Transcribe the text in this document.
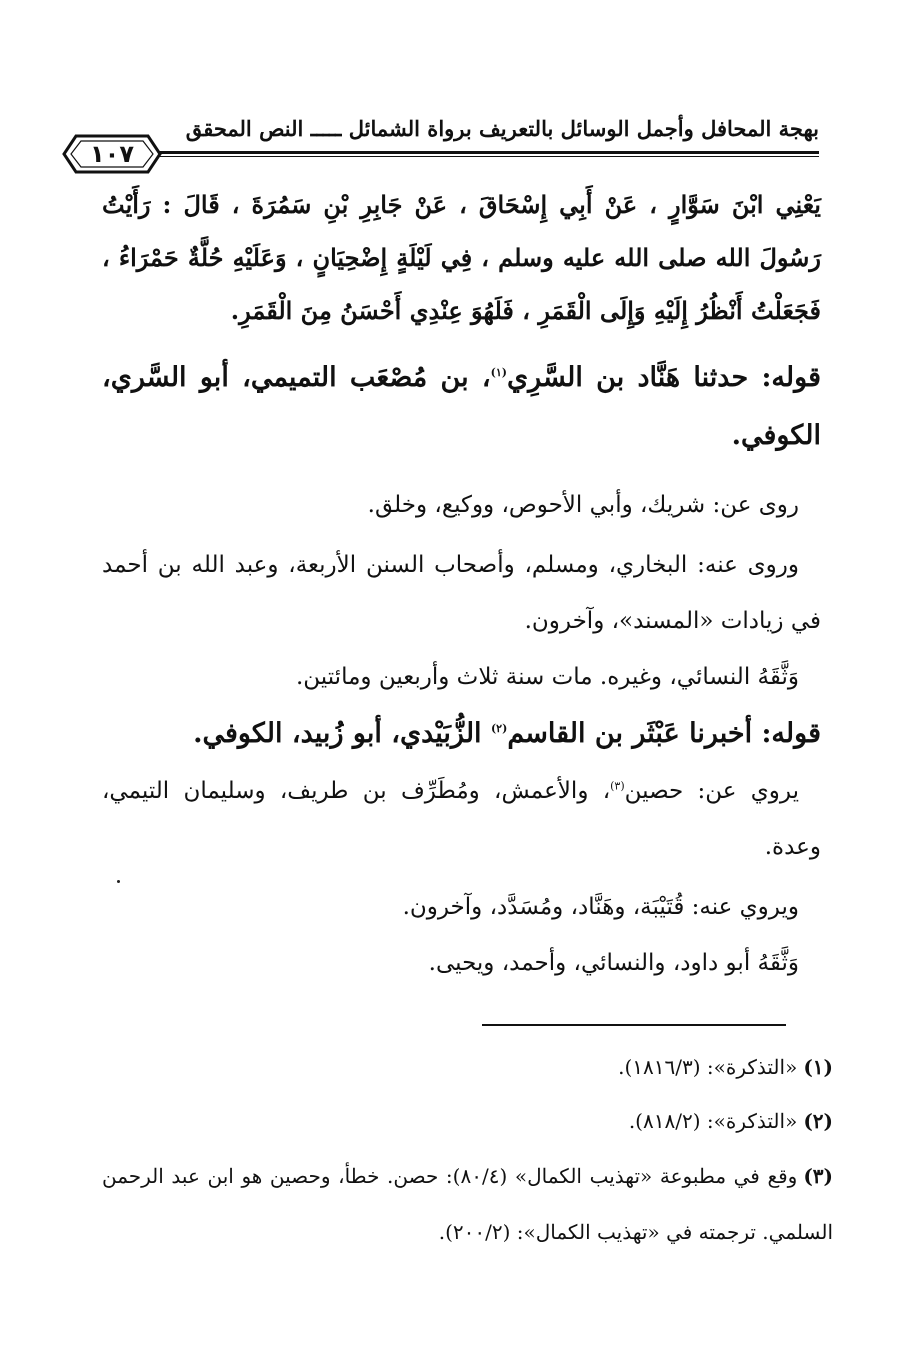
بهجة المحافل وأجمل الوسائل بالتعريف برواة الشمائل ـــــ النص المحقق
١٠٧

يَعْنِي ابْنَ سَوَّارٍ ، عَنْ أَبِي إِسْحَاقَ ، عَنْ جَابِرِ بْنِ سَمُرَةَ ، قَالَ : رَأَيْتُ رَسُولَ الله صلى الله عليه وسلم ، فِي لَيْلَةٍ إِضْحِيَانٍ ، وَعَلَيْهِ حُلَّةٌ حَمْرَاءُ ، فَجَعَلْتُ أَنْظُرُ إِلَيْهِ وَإِلَى الْقَمَرِ ، فَلَهُوَ عِنْدِي أَحْسَنُ مِنَ الْقَمَرِ.

قوله: حدثنا هَنَّاد بن السَّرِي$^{(١)}$، بن مُصْعَب التميمي، أبو السَّري، الكوفي.

روى عن: شريك، وأبي الأحوص، ووكيع، وخلق.

وروى عنه: البخاري، ومسلم، وأصحاب السنن الأربعة، وعبد الله بن أحمد في زيادات «المسند»، وآخرون.

وَثَّقَهُ النسائي، وغيره. مات سنة ثلاث وأربعين ومائتين.

قوله: أخبرنا عَبْثَر بن القاسم$^{(٢)}$ الزُّبَيْدي، أبو زُبيد، الكوفي.

يروي عن: حصين$^{(٣)}$، والأعمش، ومُطَرِّف بن طريف، وسليمان التيمي، وعدة.

ويروي عنه: قُتَيْبَة، وهَنَّاد، ومُسَدَّد، وآخرون.

وَثَّقَهُ أبو داود، والنسائي، وأحمد، ويحيى.

(١)«التذكرة»: (١٨١٦/٣).

(٢)«التذكرة»: (٨١٨/٢).

(٣)وقع في مطبوعة «تهذيب الكمال» (٨٠/٤): حصن. خطأ، وحصين هو ابن عبد الرحمن السلمي. ترجمته في «تهذيب الكمال»: (٢٠٠/٢).
